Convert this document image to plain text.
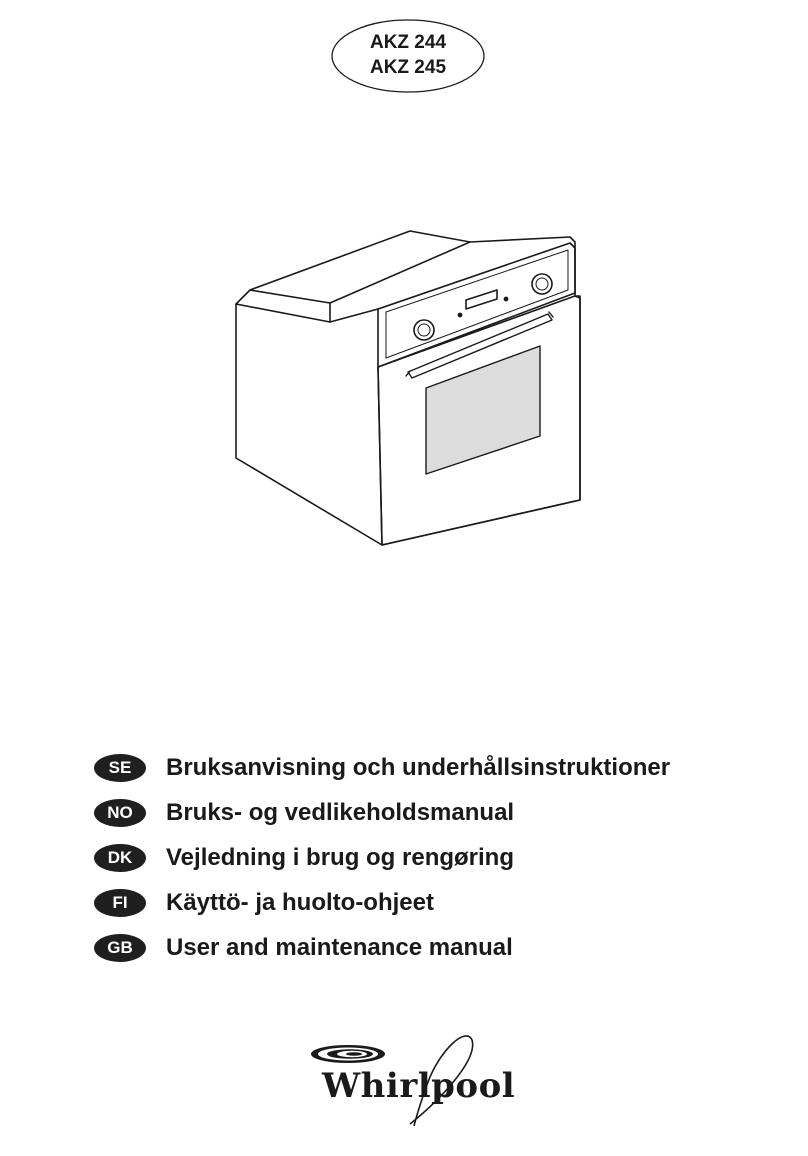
AKZ 244
AKZ 245
SE	Bruksanvisning och underhållsinstruktioner
NO	Bruks- og vedlikeholdsmanual
DK	Vejledning i brug og rengøring
FI	Käyttö- ja huolto-ohjeet
GB	User and maintenance manual
Whirlpool
